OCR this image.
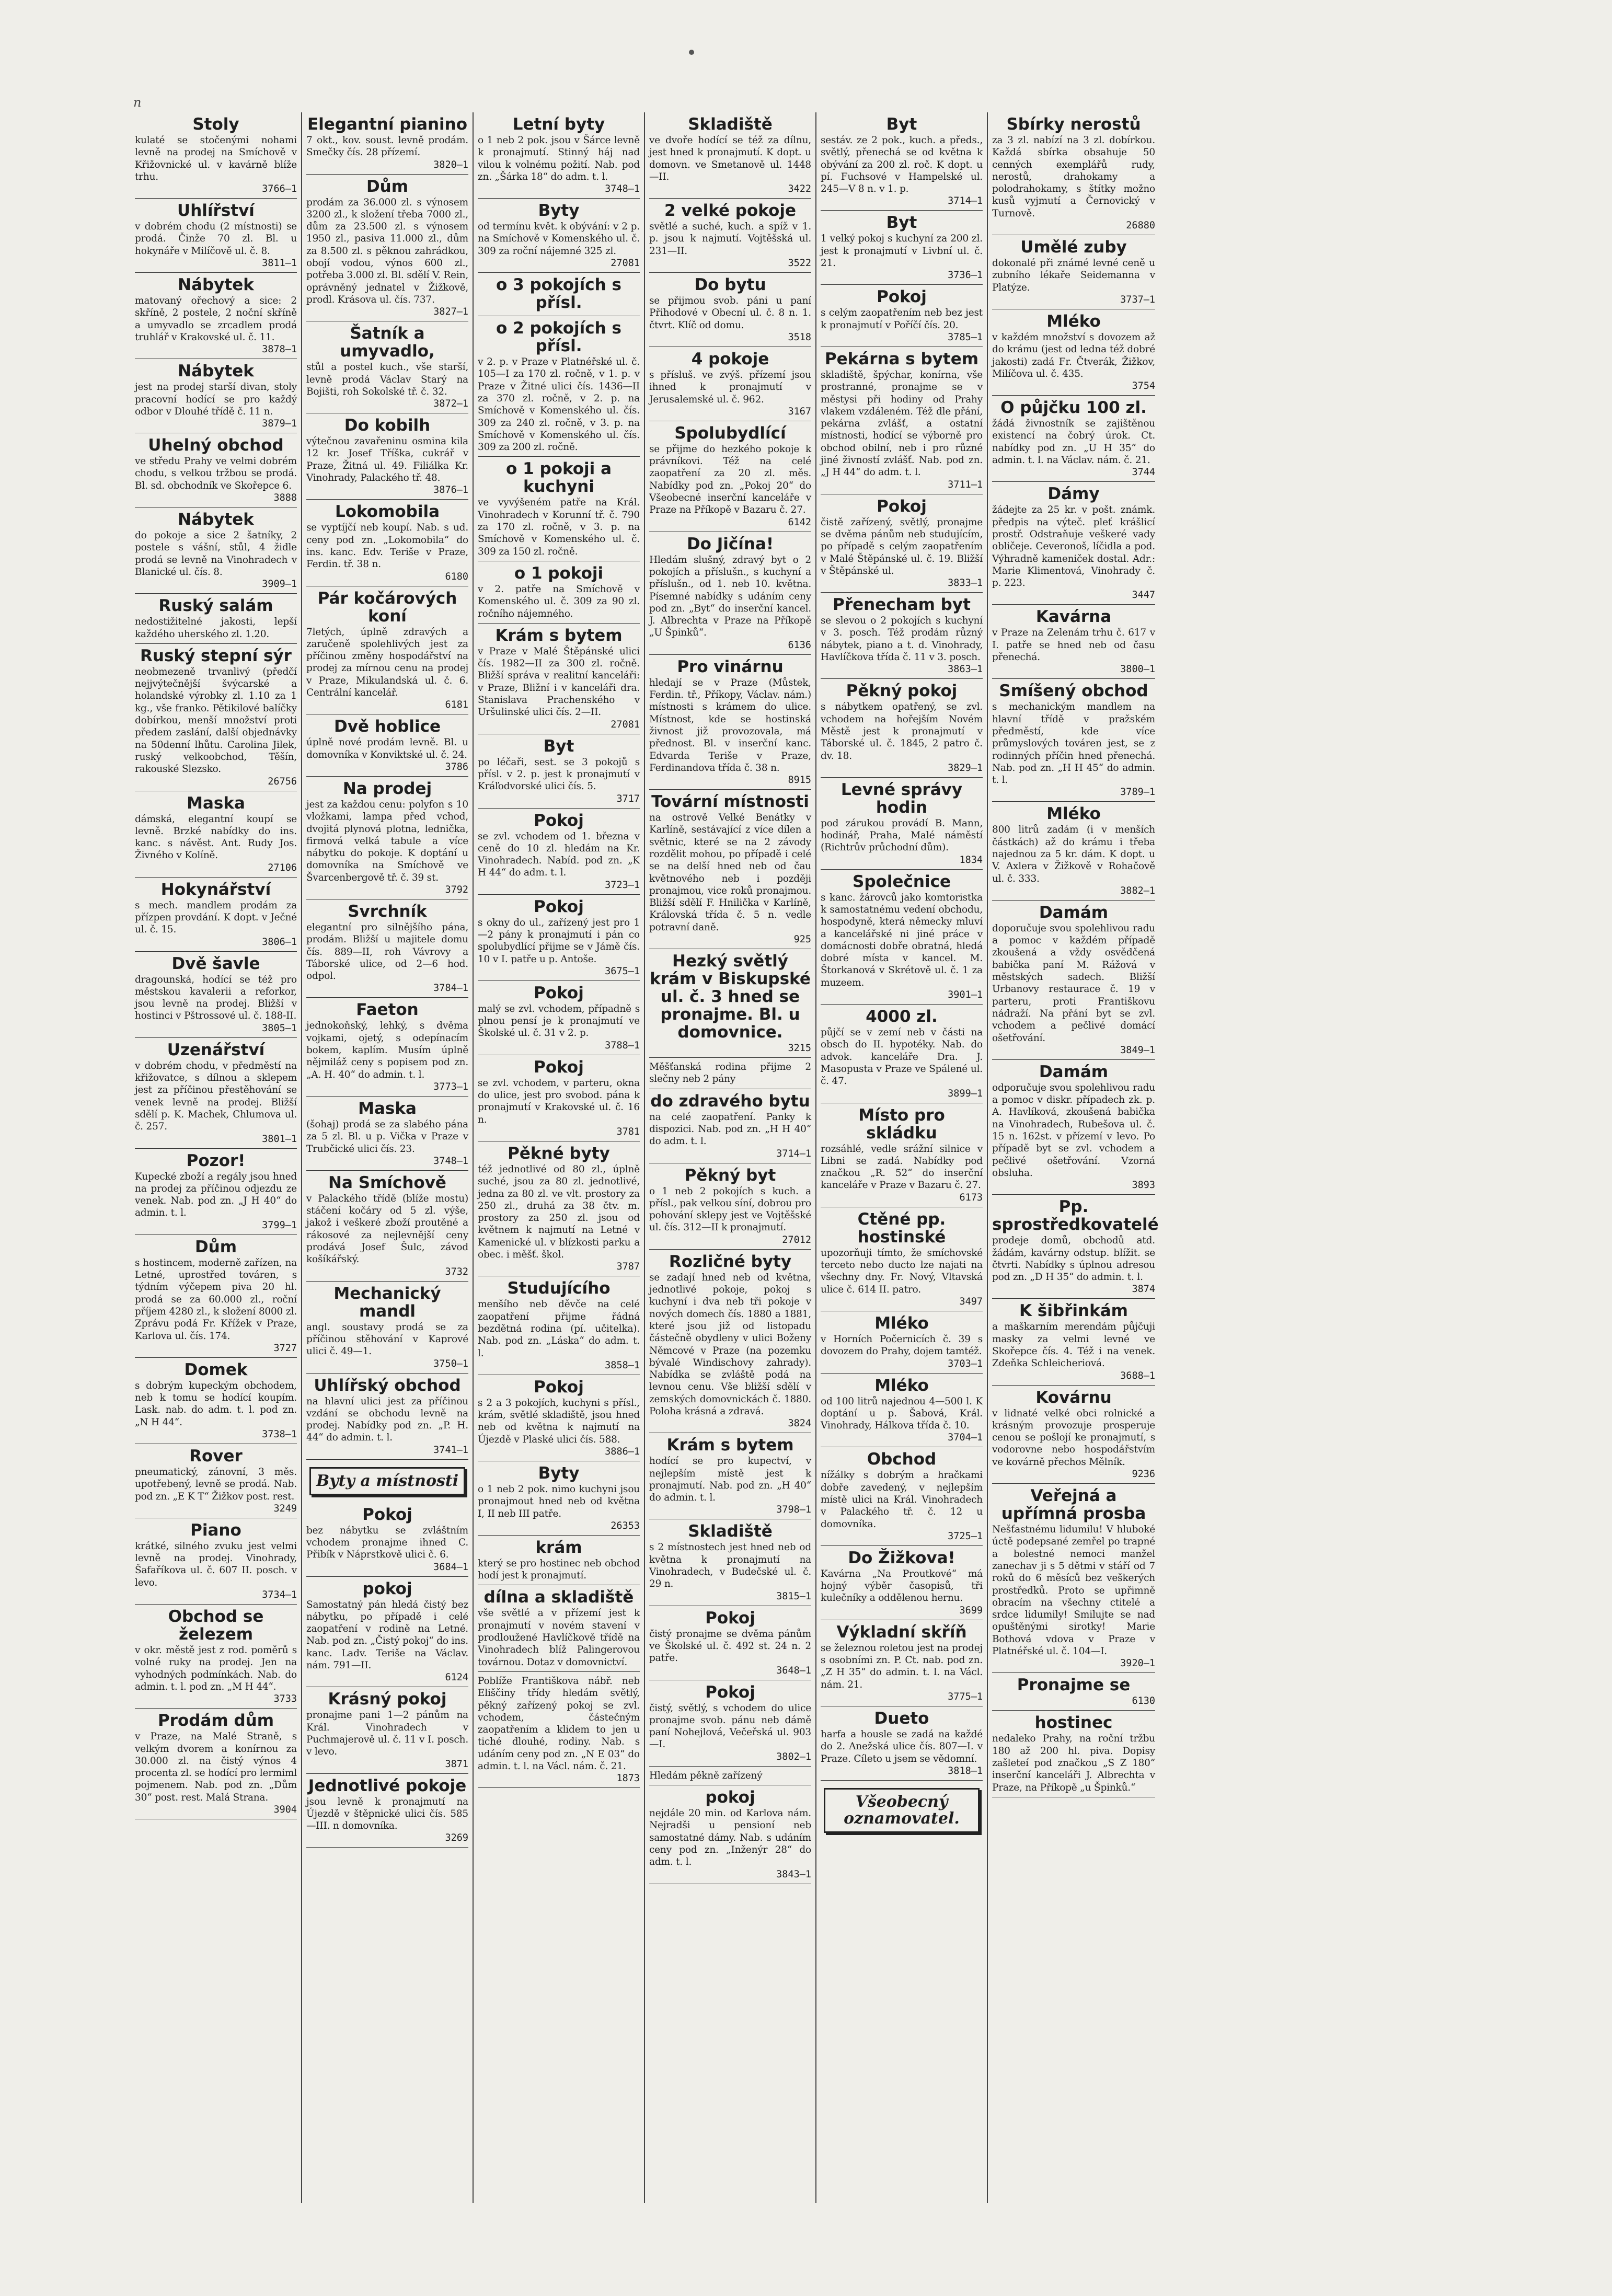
n
Stoly

kulaté se stočenými nohami levně na prodej na Smíchově v Křižovnické ul. v kavárně blíže trhu.

3766—1
Uhlířství

v dobrém chodu (2 místnosti) se prodá. Činže 70 zl. Bl. u hokynáře v Milíčově ul. č. 8.

3811—1
Nábytek

matovaný ořechový a sice: 2 skříně, 2 postele, 2 noční skříně a umyvadlo se zrcadlem prodá truhlář v Krakovské ul. č. 11.

3878—1
Nábytek

jest na prodej starší divan, stoly pracovní hodící se pro každý odbor v Dlouhé třídě č. 11 n.

3879—1
Uhelný obchod

ve středu Prahy ve velmi dobrém chodu, s velkou tržbou se prodá. Bl. sd. obchodník ve Skořepce 6.

3888
Nábytek

do pokoje a sice 2 šatníky, 2 postele s vášní, stůl, 4 židle prodá se levně na Vinohradech v Blanické ul. čís. 8.

3909—1
Ruský salám

nedostižitelné jakosti, lepší každého uherského zl. 1.20.

Ruský stepní sýr

neobmezeně trvanlivý (předčí nejjvýtečnější švýcarské a holandské výrobky zl. 1.10 za 1 kg., vše franko. Pětikilové balíčky dobírkou, menší množství proti předem zaslání, další objednávky na 50denní lhůtu. Carolina Jilek, ruský velkoobchod, Těšín, rakouské Slezsko.

26756
Maska

dámská, elegantní koupí se levně. Brzké nabídky do ins. kanc. s návěst. Ant. Rudy Jos. Živného v Kolíně.

27106
Hokynářství

s mech. mandlem prodám za přízpen provdání. K dopt. v Ječné ul. č. 15.

3806—1
Dvě šavle

dragounská, hodící se též pro městskou kavalerii a reforkor, jsou levně na prodej. Bližší v hostinci v Pštrossové ul. č. 188-II.

3805—1
Uzenářství

v dobrém chodu, v předměstí na křižovatce, s dílnou a sklepem jest za příčinou přestěhování se venek levně na prodej. Bližší sdělí p. K. Machek, Chlumova ul. č. 257.

3801—1
Pozor!

Kupecké zboží a regály jsou hned na prodej za příčinou odjezdu ze venek. Nab. pod zn. „J H 40“ do admin. t. l.

3799—1
Dům

s hostincem, moderně zařízen, na Letné, uprostřed továren, s týdním výčepem piva 20 hl. prodá se za 60.000 zl., roční příjem 4280 zl., k složení 8000 zl. Zprávu podá Fr. Křížek v Praze, Karlova ul. čís. 174.

3727
Domek

s dobrým kupeckým obchodem, neb k tomu se hodící koupím. Lask. nab. do adm. t. l. pod zn. „N H 44“.

3738—1
Rover

pneumatický, zánovní, 3 měs. upotřebený, levně se prodá. Nab. pod zn. „E K T“ Žižkov post. rest.

3249
Piano

krátké, silného zvuku jest velmi levně na prodej. Vinohrady, Šafaříkova ul. č. 607 II. posch. v levo.

3734—1
Obchod se železem

v okr. městě jest z rod. poměrů s volné ruky na prodej. Jen na vyhodných podmínkách. Nab. do admin. t. l. pod zn. „M H 44“.

3733
Prodám dům

v Praze, na Malé Straně, s velkým dvorem a konírnou za 30.000 zl. na čistý výnos 4 procenta zl. se hodící pro lermiml pojmenem. Nab. pod zn. „Dům 30“ post. rest. Malá Strana.

3904
Elegantní pianino

7 okt., kov. soust. levně prodám. Smečky čís. 28 přízemí.

3820—1
Dům

prodám za 36.000 zl. s výnosem 3200 zl., k složení třeba 7000 zl., dům za 23.500 zl. s výnosem 1950 zl., pasiva 11.000 zl., dům za 8.500 zl. s pěknou zahrádkou, obojí vodou, výnos 600 zl., potřeba 3.000 zl. Bl. sdělí V. Rein, oprávněný jednatel v Žižkově, prodl. Krásova ul. čís. 737.

3827—1
Šatník a umyvadlo,

stůl a postel kuch., vše starší, levně prodá Václav Starý na Bojišti, roh Sokolské tř. č. 32.

3872—1
Do kobilh

výtečnou zavařeninu osmina kila 12 kr. Josef Tříška, cukrář v Praze, Žitná ul. 49. Filiálka Kr. Vinohrady, Palackého tř. 48.

3876—1
Lokomobila

se vyptíjčí neb koupí. Nab. s ud. ceny pod zn. „Lokomobila“ do ins. kanc. Edv. Teriše v Praze, Ferdin. tř. 38 n.

6180
Pár kočárových koní

7letých, úplně zdravých a zaručeně spolehlivých jest za příčinou změny hospodářství na prodej za mírnou cenu na prodej v Praze, Mikulandská ul. č. 6. Centrální kancelář.

6181
Dvě hoblice

úplně nové prodám levně. Bl. u domovníka v Konviktské ul. č. 24.

3786
Na prodej

jest za každou cenu: polyfon s 10 vložkami, lampa před vchod, dvojitá plynová plotna, lednička, firmová velká tabule a více nábytku do pokoje. K doptání u domovníka na Smíchově ve Švarcenbergově tř. č. 39 st.

3792
Svrchník

elegantní pro silnějšího pána, prodám. Bližší u majitele domu čís. 889—II, roh Vávrovy a Táborské ulice, od 2—6 hod. odpol.

3784—1
Faeton

jednokoňský, lehký, s dvěma vojkami, ojetý, s odepínacím bokem, kaplím. Musím úplně nějmiláž ceny s popisem pod zn. „A. H. 40“ do admin. t. l.

3773—1
Maska

(šohaj) prodá se za slabého pána za 5 zl. Bl. u p. Vička v Praze v Trubčické ulici čís. 23.

3748—1
Na Smíchově

v Palackého třídě (blíže mostu) stáčení kočáry od 5 zl. výše, jakož i veškeré zboží proutěné a rákosové za nejlevnější ceny prodává Josef Šulc, závod košíkářský.

3732
Mechanický mandl

angl. soustavy prodá se za příčinou stěhování v Kaprové ulici č. 49—1.

3750—1
Uhlířský obchod

na hlavní ulici jest za příčinou vzdání se obchodu levně na prodej. Nabídky pod zn. „P. H. 44“ do admin. t. l.

3741—1
Byty a místnosti
Pokoj

bez nábytku se zvláštním vchodem pronajme ihned C. Přibík v Náprstkově ulici č. 6.

3684—1
pokoj

Samostatný pán hledá čistý bez nábytku, po případě i celé zaopatření v rodině na Letné. Nab. pod zn. „Čistý pokoj“ do ins. kanc. Ladv. Teriše na Václav. nám. 791—II.

6124
Krásný pokoj

pronajme pani 1—2 pánům na Král. Vinohradech v Puchmajerově ul. č. 11 v I. posch. v levo.

3871
Jednotlivé pokoje

jsou levně k pronajmutí na Újezdě v štěpnické ulici čís. 585—III. n domovníka.

3269
Letní byty

o 1 neb 2 pok. jsou v Šárce levně k pronajmutí. Stinný háj nad vilou k volnému požití. Nab. pod zn. „Šárka 18“ do adm. t. l.

3748—1
Byty

od termínu květ. k obývání: v 2 p. na Smíchově v Komenského ul. č. 309 za roční nájemné 325 zl.

27081
o 3 pokojích s přísl.
o 2 pokojích s přísl.

v 2. p. v Praze v Platnéřské ul. č. 105—I za 170 zl. ročně, v 1. p. v Praze v Žitné ulici čís. 1436—II za 370 zl. ročně, v 2. p. na Smíchově v Komenského ul. čís. 309 za 240 zl. ročně, v 3. p. na Smíchově v Komenského ul. čís. 309 za 200 zl. ročně.

o 1 pokoji a kuchyni

ve vyvýšeném patře na Král. Vinohradech v Korunní tř. č. 790 za 170 zl. ročně, v 3. p. na Smíchově v Komenského ul. č. 309 za 150 zl. ročně.

o 1 pokoji

v 2. patře na Smíchově v Komenského ul. č. 309 za 90 zl. ročního nájemného.

Krám s bytem

v Praze v Malé Štěpánské ulici čís. 1982—II za 300 zl. ročně. Bližší správa v realitní kanceláři: v Praze, Bližní i v kanceláři dra. Stanislava Prachenského v Uršulinské ulici čís. 2—II.

27081
Byt

po léčaři, sest. se 3 pokojů s přísl. v 2. p. jest k pronajmutí v Kráľodvorské ulici čís. 5.

3717
Pokoj

se zvl. vchodem od 1. března v ceně do 10 zl. hledám na Kr. Vinohradech. Nabíd. pod zn. „K H 44“ do adm. t. l.

3723—1
Pokoj

s okny do ul., zařízený jest pro 1—2 pány k pronajmutí i pán co spolubydlící přijme se v Jámě čís. 10 v I. patře u p. Antoše.

3675—1
Pokoj

malý se zvl. vchodem, případně s plnou pensí je k pronajmutí ve Školské ul. č. 31 v 2. p.

3788—1
Pokoj

se zvl. vchodem, v parteru, okna do ulice, jest pro svobod. pána k pronajmutí v Krakovské ul. č. 16 n.

3781
Pěkné byty

též jednotlivé od 80 zl., úplně suché, jsou za 80 zl. jednotlivé, jedna za 80 zl. ve vlt. prostory za 250 zl., druhá za 38 čtv. m. prostory za 250 zl. jsou od květnem k najmutí na Letné v Kamenické ul. v blízkosti parku a obec. i měšť. škol.

3787
Studujícího

menšího neb děvče na celé zaopatření přijme řádná bezdětná rodina (pí. učitelka). Nab. pod zn. „Láska“ do adm. t. l.

3858—1
Pokoj

s 2 a 3 pokojích, kuchyni s přísl., krám, světlé skladiště, jsou hned neb od května k najmutí na Újezdě v Plaské ulici čís. 588.

3886—1
Byty

o 1 neb 2 pok. nimo kuchyni jsou pronajmout hned neb od května I, II neb III patře.

26353
krám

který se pro hostinec neb obchod hodí jest k pronajmutí.

dílna a skladiště

vše světlé a v přízemí jest k pronajmutí v novém stavení v prodloužené Havlíčkově třídě na Vinohradech blíž Palingerovou továrnou. Dotaz v domovnictví.

Poblíže Františkova nábř. neb Eliščiny třídy hledám světlý, pěkný zařízený pokoj se zvl. vchodem, částečným zaopatřením a klidem to jen u tiché dlouhé, rodiny. Nab. s udáním ceny pod zn. „N E 03“ do admin. t. l. na Václ. nám. č. 21.

1873
Skladiště

ve dvoře hodící se též za dílnu, jest hned k pronajmutí. K dopt. u domovn. ve Smetanově ul. 1448—II.

3422
2 velké pokoje

světlé a suché, kuch. a spíž v 1. p. jsou k najmutí. Vojtěšská ul. 231—II.

3522
Do bytu

se přijmou svob. páni u paní Přihodové v Obecní ul. č. 8 n. 1. čtvrt. Klíč od domu.

3518
4 pokoje

s přísluš. ve zvýš. přízemí jsou ihned k pronajmutí v Jerusalemské ul. č. 962.

3167
Spolubydlící

se přijme do hezkého pokoje k právníkovi. Též na celé zaopatření za 20 zl. měs. Nabídky pod zn. „Pokoj 20“ do Všeobecné inserční kanceláře v Praze na Příkopě v Bazaru č. 27.

6142
Do Jičína!

Hledám slušný, zdravý byt o 2 pokojích a příslušn., s kuchyní a příslušn., od 1. neb 10. května. Písemné nabídky s udáním ceny pod zn. „Byt“ do inserční kancel. J. Albrechta v Praze na Příkopě „U Špinků“.

6136
Pro vinárnu

hledají se v Praze (Můstek, Ferdin. tř., Příkopy, Václav. nám.) místnosti s krámem do ulice. Místnost, kde se hostinská živnost již provozovala, má přednost. Bl. v inserční kanc. Edvarda Teriše v Praze, Ferdinandova třída č. 38 n.

8915
Tovární místnosti

na ostrově Velké Benátky v Karlíně, sestávající z více dílen a světnic, které se na 2 závody rozdělit mohou, po případě i celé se na delší hned neb od čau květnového neb i později pronajmou, vice roků pronajmou. Bližší sdělí F. Hnilička v Karlíně, Královská třída č. 5 n. vedle potravní daně.

925
Hezký světlý krám v Biskupské ul. č. 3 hned se pronajme. Bl. u domovnice.
3215

Měšťanská rodina přijme 2 slečny neb 2 pány

do zdravého bytu

na celé zaopatření. Panky k dispozici. Nab. pod zn. „H H 40“ do adm. t. l.

3714—1
Pěkný byt

o 1 neb 2 pokojích s kuch. a přísl., pak velkou síní, dobrou pro pohování sklepy jest ve Vojtěšské ul. čís. 312—II k pronajmutí.

27012
Rozličné byty

se zadají hned neb od května, jednotlivé pokoje, pokoj s kuchyní i dva neb tři pokoje v nových domech čís. 1880 a 1881, které jsou již od listopadu částečně obydleny v ulici Boženy Němcové v Praze (na pozemku bývalé Windischovy zahrady). Nabídka se zvláště podá na levnou cenu. Vše bližší sdělí v zemských domovnickách č. 1880. Poloha krásná a zdravá.

3824
Krám s bytem

hodící se pro kupectví, v nejlepším místě jest k pronajmutí. Nab. pod zn. „H 40“ do admin. t. l.

3798—1
Skladiště

s 2 místnostech jest hned neb od května k pronajmutí na Vinohradech, v Budečské ul. č. 29 n.

3815—1
Pokoj

čistý pronajme se dvěma pánům ve Školské ul. č. 492 st. 24 n. 2 patře.

3648—1
Pokoj

čistý, světlý, s vchodem do ulice pronajme svob. pánu neb dámě paní Nohejlová, Večeřská ul. 903—I.

3802—1

Hledám pěkně zařízený

pokoj

nejdále 20 min. od Karlova nám. Nejradši u pensioní neb samostatné dámy. Nab. s udáním ceny pod zn. „Inženýr 28“ do adm. t. l.

3843—1
Byt

sestáv. ze 2 pok., kuch. a předs., světlý, přenechá se od května k obývání za 200 zl. roč. K dopt. u pí. Fuchsové v Hampelské ul. 245—V 8 n. v 1. p.

3714—1
Byt

1 velký pokoj s kuchyní za 200 zl. jest k pronajmutí v Livbní ul. č. 21.

3736—1
Pokoj

s celým zaopatřením neb bez jest k pronajmutí v Poříčí čís. 20.

3785—1
Pekárna s bytem

skladiště, špýchar, konírna, vše prostranné, pronajme se v městysi při hodiny od Prahy vlakem vzdáleném. Též dle přání, pekárna zvlášť, a ostatní místnosti, hodící se výborně pro obchod obilní, neb i pro různé jiné živností zvlášť. Nab. pod zn. „J H 44“ do adm. t. l.

3711—1
Pokoj

čistě zařízený, světlý, pronajme se dvěma pánům neb studujícím, po případě s celým zaopatřením v Malé Štěpánské ul. č. 19. Bližší v Štěpánské ul.

3833—1
Přenecham byt

se slevou o 2 pokojích s kuchyní v 3. posch. Též prodám různý nábytek, piano a t. d. Vinohrady, Havlíčkova třída č. 11 v 3. posch.

3863—1
Pěkný pokoj

s nábytkem opatřený, se zvl. vchodem na hořejším Novém Městě jest k pronajmutí v Táborské ul. č. 1845, 2 patro č. dv. 18.

3829—1
Levné správy hodin

pod zárukou provádí B. Mann, hodinář, Praha, Malé náměstí (Richtrův průchodní dům).

1834
Společnice

s kanc. žárovců jako komtoristka k samostatnému vedení obchodu, hospodyně, která německy mluví a kancelářské ni jiné práce v domácnosti dobře obratná, hledá dobré místa v kancel. M. Štorkanová v Skrétově ul. č. 1 za muzeem.

3901—1
4000 zl.

půjčí se v zemí neb v části na obsch do II. hypotéky. Nab. do advok. kanceláře Dra. J. Masopusta v Praze ve Spálené ul. č. 47.

3899—1
Místo pro skládku

rozsáhlé, vedle srážní silnice v Libni se zadá. Nabídky pod značkou „R. 52“ do inserční kanceláře v Praze v Bazaru č. 27.

6173
Ctěné pp. hostinské

upozorňuji tímto, že smíchovské terceto nebo ducto lze najati na všechny dny. Fr. Nový, Vltavská ulice č. 614 II. patro.

3497
Mléko

v Horních Počernicích č. 39 s dovozem do Prahy, dojem tamtéž.

3703—1
Mléko

od 100 litrů najednou 4—500 l. K doptání u p. Šabová, Král. Vinohrady, Hálkova třída č. 10.

3704—1
Obchod

nížálky s dobrým a hračkami dobře zavedený, v nejlepším místě ulici na Král. Vinohradech v Palackého tř. č. 12 u domovníka.

3725—1
Do Žižkova!

Kavárna „Na Proutkové“ má hojný výběr časopisů, tři kulečníky a oddělenou hernu.

3699
Výkladní skříň

se železnou roletou jest na prodej s osobními zn. P. Ct. nab. pod zn. „Z H 35“ do admin. t. l. na Václ. nám. 21.

3775—1
Dueto

harfa a housle se zadá na každé do 2. Anežská ulice čís. 807—I. v Praze. Cíleto u jsem se vědomní.

3818—1
Všeobecný oznamovatel.
Sbírky nerostů

za 3 zl. nabízí na 3 zl. dobírkou. Každá sbírka obsahuje 50 cenných exemplářů rudy, nerostů, drahokamy a polodrahokamy, s štítky možno kusů vyjmutí a Černovický v Turnově.

26880
Umělé zuby

dokonalé při známé levné ceně u zubního lékaře Seidemanna v Platýze.

3737—1
Mléko

v každém množství s dovozem až do krámu (jest od ledna též dobré jakosti) zadá Fr. Čtverák, Žižkov, Milíčova ul. č. 435.

3754
O půjčku 100 zl.

žádá živnostník se zajištěnou existencí na čobrý úrok. Ct. nabídky pod zn. „U H 35“ do admin. t. l. na Václav. nám. č. 21.

3744
Dámy

žádejte za 25 kr. v pošt. známk. předpis na výteč. pleť krášlicí prostř. Odstraňuje veškeré vady obličeje. Ceveronoš, líčidla a pod. Výhradně kameniček dostal. Adr.: Marie Klimentová, Vinohrady č. p. 223.

3447
Kavárna

v Praze na Zelenám trhu č. 617 v I. patře se hned neb od času přenechá.

3800—1
Smíšený obchod

s mechanickým mandlem na hlavní třídě v pražském předměstí, kde více průmyslových továren jest, se z rodinných příčin hned přenechá. Nab. pod zn. „H H 45“ do admin. t. l.

3789—1
Mléko

800 litrů zadám (i v menších částkách) až do krámu i třeba najednou za 5 kr. dám. K dopt. u V. Axlera v Žižkově v Rohačově ul. č. 333.

3882—1
Damám

doporučuje svou spolehlivou radu a pomoc v každém případě zkoušená a vždy osvědčená babička paní M. Rážová v městských sadech. Bližší Urbanovy restaurace č. 19 v parteru, proti Františkovu nádraží. Na přání byt se zvl. vchodem a pečlivé domácí ošetřování.

3849—1
Damám

odporučuje svou spolehlivou radu a pomoc v diskr. případech zk. p. A. Havlíková, zkoušená babička na Vinohradech, Rubešova ul. č. 15 n. 162st. v přízemí v levo. Po případě byt se zvl. vchodem a pečlivé ošetřování. Vzorná obsluha.

3893
Pp. sprostředkovatelé

prodeje domů, obchodů atd. žádám, kavárny odstup. blížit. se čtvrti. Nabídky s úplnou adresou pod zn. „D H 35“ do admin. t. l.

3874
K šibřinkám

a maškarním merendám půjčuji masky za velmi levné ve Skořepce čís. 4. Též i na venek. Zdeňka Schleicheriová.

3688—1
Kovárnu

v lidnaté velké obci rolnické a krásným provozuje prosperuje cenou se pošlojí ke pronajmutí, s vodorovne nebo hospodářstvím ve kovárně přechos Mělník.

9236
Veřejná a upřímná prosba

Nešťastnému lidumilu! V hluboké úctě podepsané zemřel po trapné a bolestné nemoci manžel zanechav ji s 5 dětmi v stáří od 7 roků do 6 měsíců bez veškerých prostředků. Proto se upřimně obracím na všechny ctitelé a srdce lidumily! Smilujte se nad opuštěnými sirotky! Marie Bothová vdova v Praze v Platnéřské ul. č. 104—I.

3920—1
Pronajme se
6130
hostinec

nedaleko Prahy, na roční tržbu 180 až 200 hl. piva. Dopisy zašleteí pod značkou „S Z 180“ inserční kanceláři J. Albrechta v Praze, na Příkopě „u Špinků.“
